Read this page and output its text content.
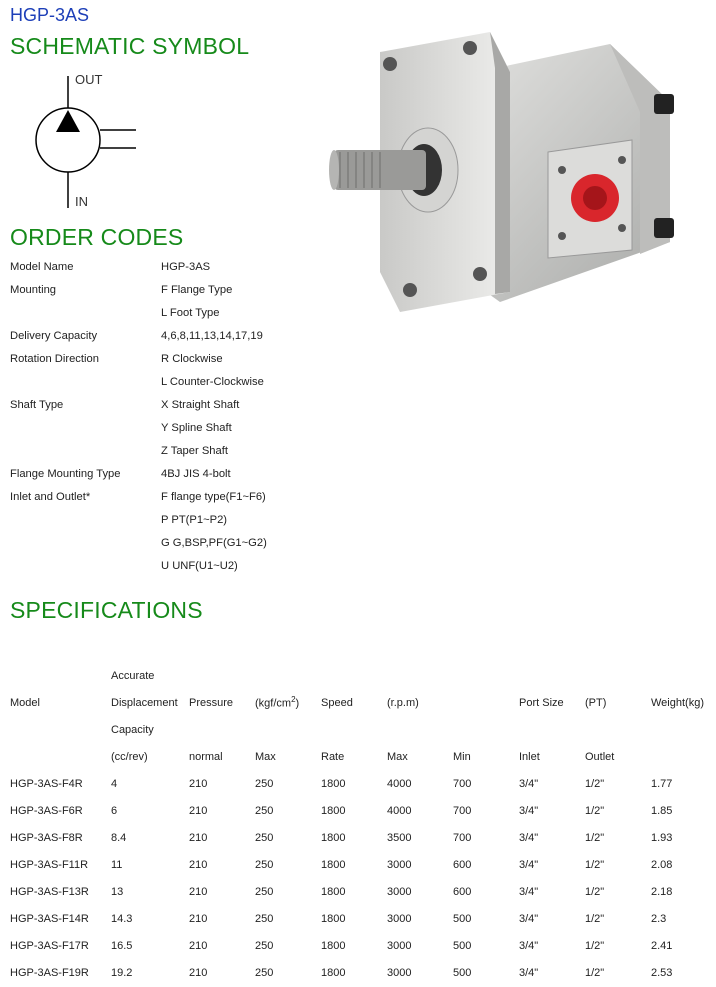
HGP-3AS
SCHEMATIC SYMBOL
OUT
IN
ORDER CODES
Model Name	HGP-3AS
Mounting	F Flange Type
L Foot Type
Delivery Capacity	4,6,8,11,13,14,17,19
Rotation Direction	R Clockwise
L Counter-Clockwise
Shaft Type	X Straight Shaft
Y Spline Shaft
Z Taper Shaft
Flange Mounting Type	4BJ JIS 4-bolt
Inlet and Outlet*	F flange type(F1~F6)
P PT(P1~P2)
G G,BSP,PF(G1~G2)
U UNF(U1~U2)
SPECIFICATIONS
	Accurate								
Model	Displacement	Pressure	$(kgf/cm^2)$	Speed	(r.p.m)		Port Size	(PT)	Weight(kg)
	Capacity								
	(cc/rev)	normal	Max	Rate	Max	Min	Inlet	Outlet	
HGP-3AS-F4R	4	210	250	1800	4000	700	3/4"	1/2"	1.77
HGP-3AS-F6R	6	210	250	1800	4000	700	3/4"	1/2"	1.85
HGP-3AS-F8R	8.4	210	250	1800	3500	700	3/4"	1/2"	1.93
HGP-3AS-F11R	11	210	250	1800	3000	600	3/4"	1/2"	2.08
HGP-3AS-F13R	13	210	250	1800	3000	600	3/4"	1/2"	2.18
HGP-3AS-F14R	14.3	210	250	1800	3000	500	3/4"	1/2"	2.3
HGP-3AS-F17R	16.5	210	250	1800	3000	500	3/4"	1/2"	2.41
HGP-3AS-F19R	19.2	210	250	1800	3000	500	3/4"	1/2"	2.53
